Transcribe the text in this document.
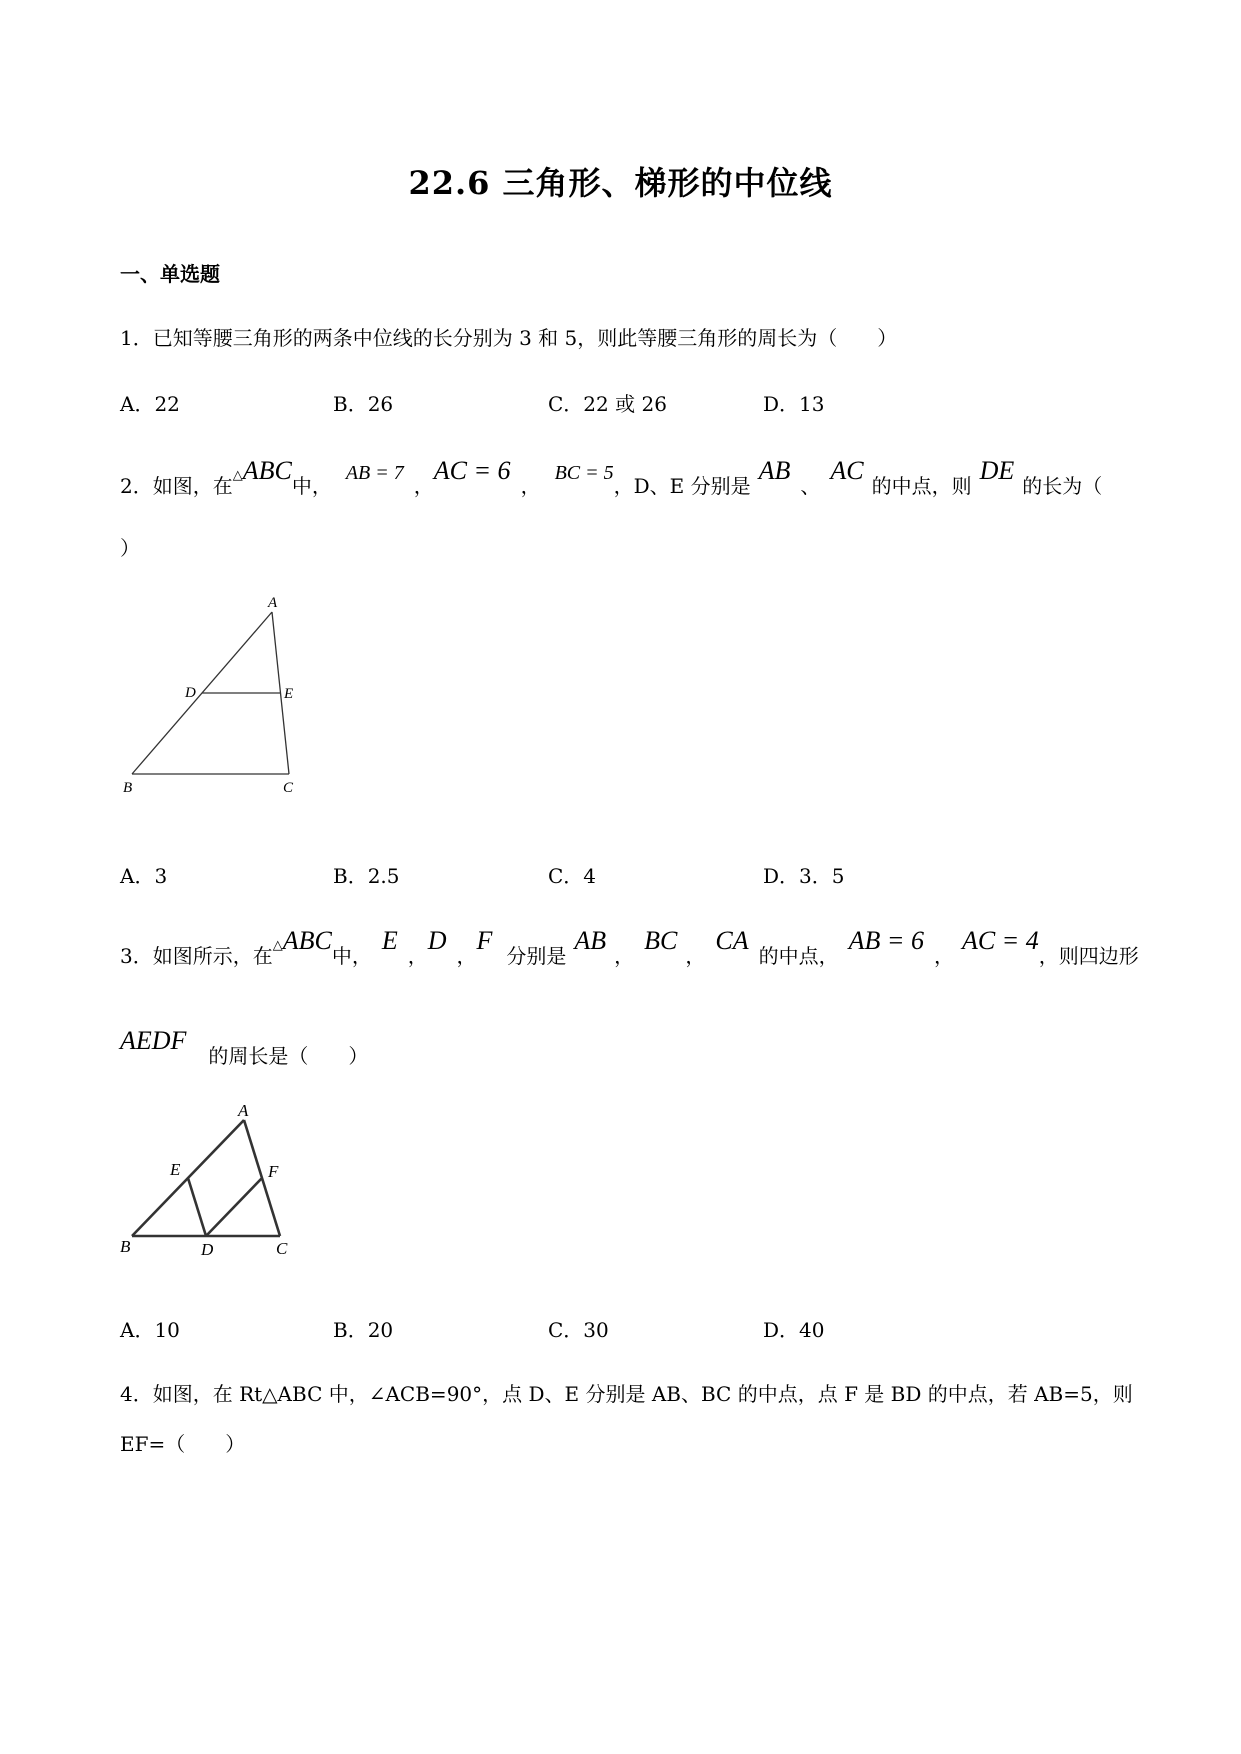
22.6 三角形、梯形的中位线
一、单选题
1．已知等腰三角形的两条中位线的长分别为 3 和 5，则此等腰三角形的周长为（　　）
A．22	B．26	C．22 或 26	D．13
2．如图，在△ABC中，AB = 7，AC = 6，BC = 5，D、E 分别是AB、AC的中点，则DE的长为（
）
A
B	C
D	E
A．3	B．2.5	C．4	D．3．5
3．如图所示，在△ABC中，E，D，F分别是AB，BC，CA的中点，AB = 6，AC = 4，则四边形
AEDF的周长是（　　）
A
B	C
D
E	F
A．10	B．20	C．30	D．40
4．如图，在 Rt△ABC 中，∠ACB=90°，点 D、E 分别是 AB、BC 的中点，点 F 是 BD 的中点，若 AB=5，则
EF=（　　）
